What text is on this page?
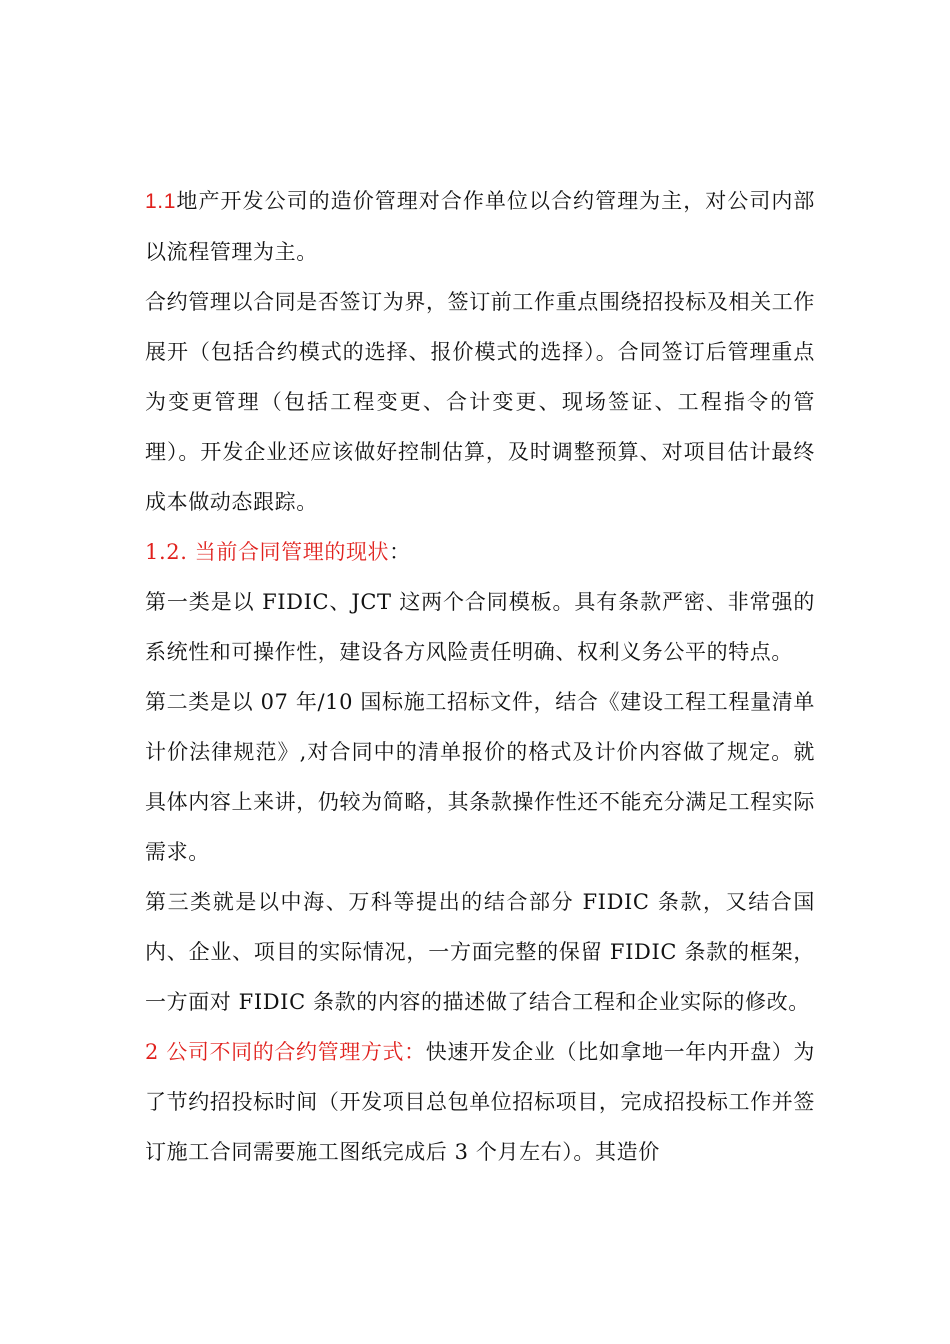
1.1地产开发公司的造价管理对合作单位以合约管理为主，对公司内部以流程管理为主。

合约管理以合同是否签订为界，签订前工作重点围绕招投标及相关工作展开（包括合约模式的选择、报价模式的选择）。合同签订后管理重点为变更管理（包括工程变更、合计变更、现场签证、工程指令的管理）。开发企业还应该做好控制估算，及时调整预算、对项目估计最终成本做动态跟踪。

1.2. 当前合同管理的现状：

第一类是以 FIDIC、JCT 这两个合同模板。具有条款严密、非常强的系统性和可操作性，建设各方风险责任明确、权利义务公平的特点。

第二类是以 07 年/10 国标施工招标文件，结合《建设工程工程量清单计价法律规范》,对合同中的清单报价的格式及计价内容做了规定。就具体内容上来讲，仍较为简略，其条款操作性还不能充分满足工程实际需求。

第三类就是以中海、万科等提出的结合部分 FIDIC 条款，又结合国内、企业、项目的实际情况，一方面完整的保留 FIDIC 条款的框架，一方面对 FIDIC 条款的内容的描述做了结合工程和企业实际的修改。

2 公司不同的合约管理方式：快速开发企业（比如拿地一年内开盘）为了节约招投标时间（开发项目总包单位招标项目，完成招投标工作并签订施工合同需要施工图纸完成后 3 个月左右）。其造价
